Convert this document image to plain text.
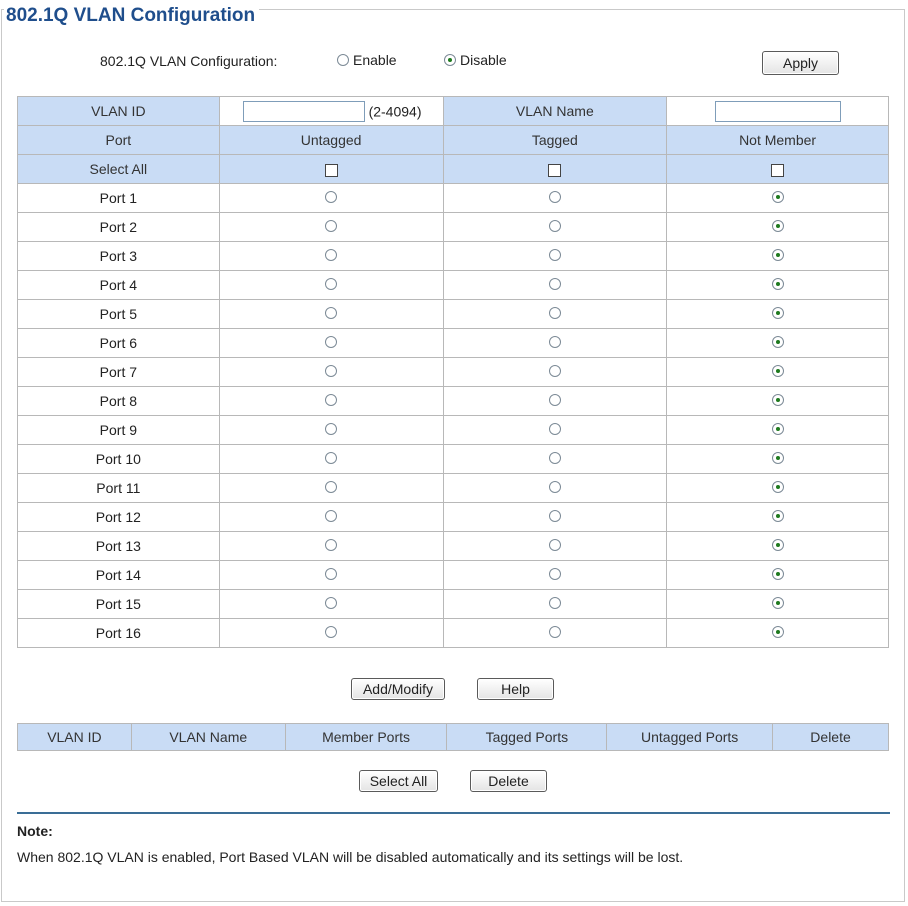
802.1Q VLAN Configuration
802.1Q VLAN Configuration:	Enable	Disable	Apply
VLAN ID	(2-4094)	VLAN Name	
Port	Untagged	Tagged	Not Member
Select All			
Port 1			
Port 2			
Port 3			
Port 4			
Port 5			
Port 6			
Port 7			
Port 8			
Port 9			
Port 10			
Port 11			
Port 12			
Port 13			
Port 14			
Port 15			
Port 16			
Add/Modify	Help
VLAN ID	VLAN Name	Member Ports	Tagged Ports	Untagged Ports	Delete
Select All	Delete
Note:
When 802.1Q VLAN is enabled, Port Based VLAN will be disabled automatically and its settings will be lost.
